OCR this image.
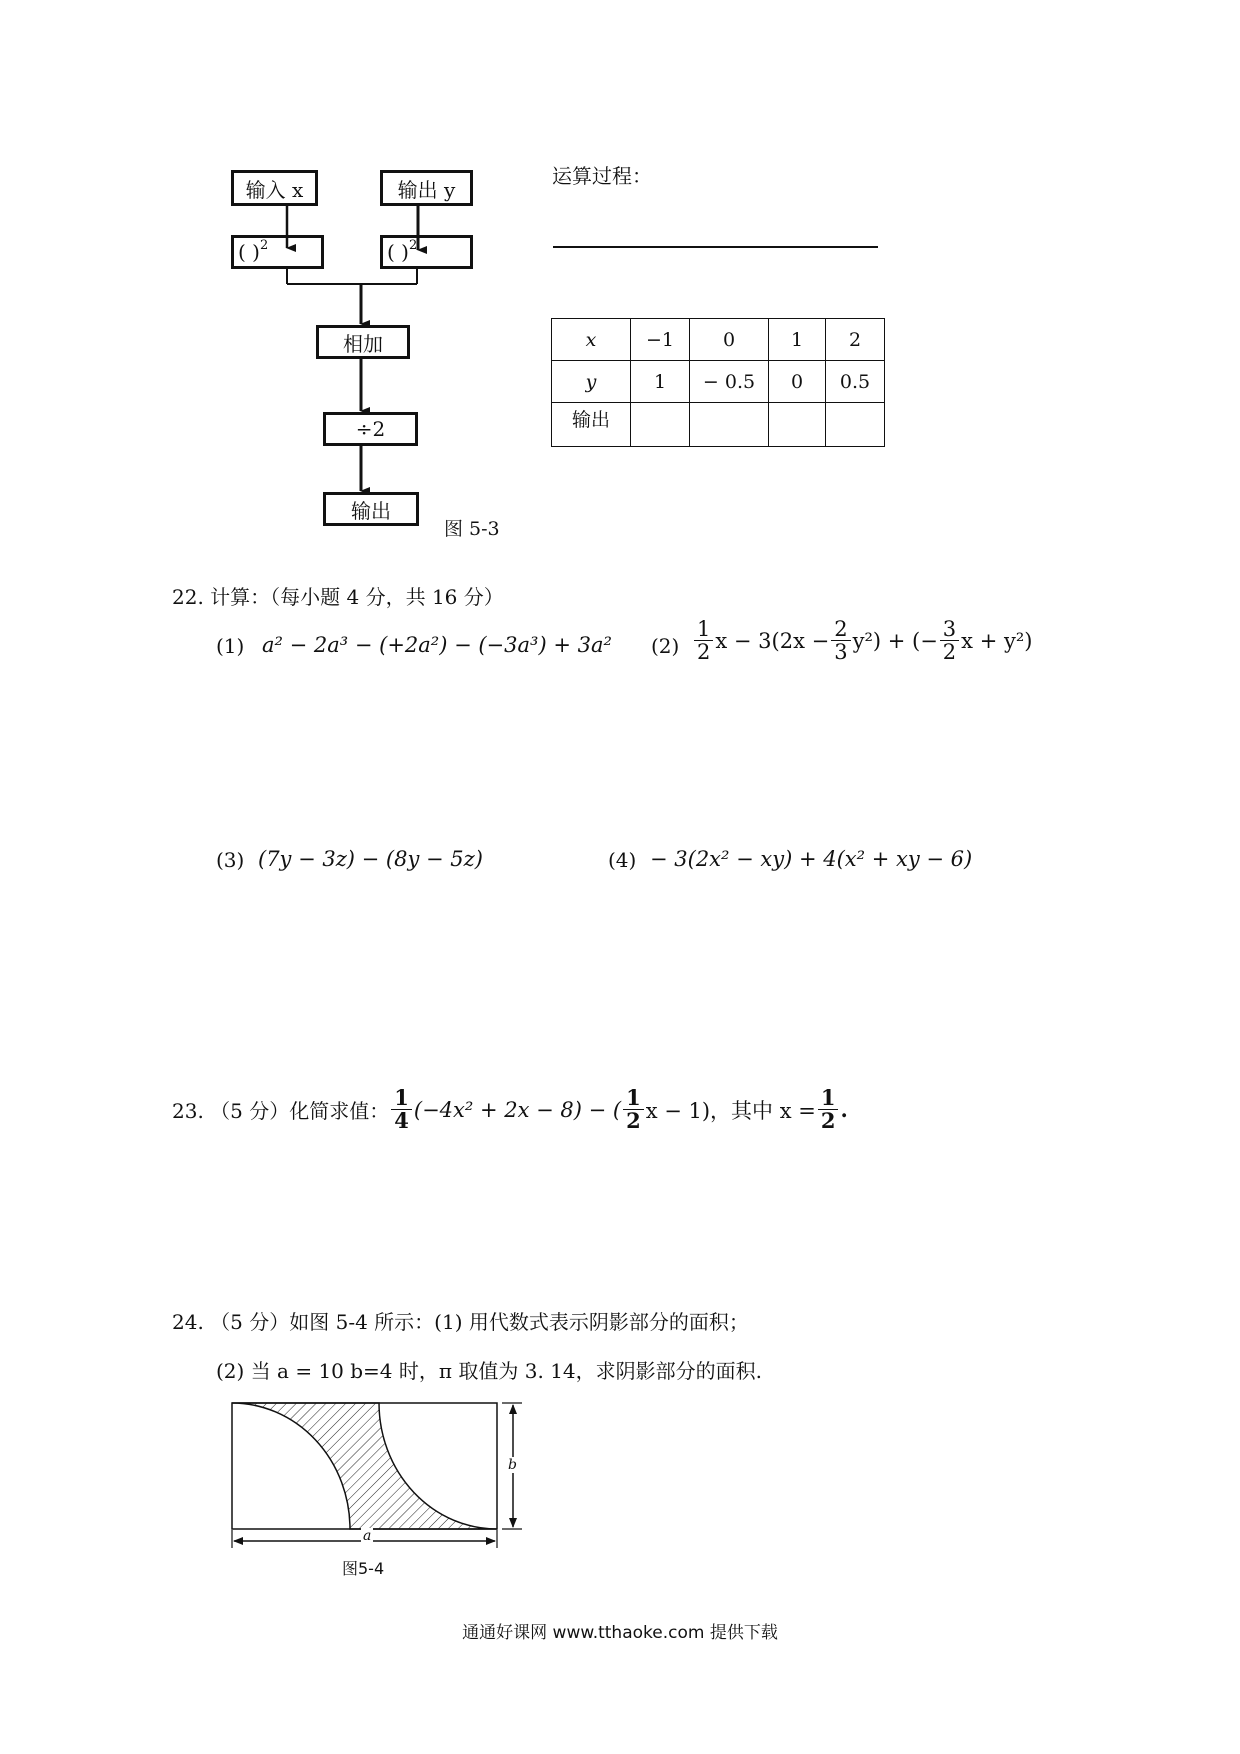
输入 x	输出 y
( )$^2$	( )$^2$
相加
÷2
输出
图 5-3
运算过程：
x	−1	0	1	2
y	1	− 0.5	0	0.5
输出				
22. 计算：（每小题 4 分，共 16 分）
(1) a² − 2a³ − (+2a²) − (−3a³) + 3a² $(2) \frac{1}{2}$ $x - 3(2x - \frac{2}{3} y^2)$ + (− $\frac{3}{2}$ x + y²)
(3) (7y − 3z) − (8y − 5z)	(4) − 3(2x² − xy) + 4(x² + xy − 6)
23. （5 分）化简求值： $\frac{1}{4} (-4x^2 + 2x - 8)$ − ( $\frac{1}{2}$ x − 1)，其中 $x = \frac{1}{2}$ .
24. （5 分）如图 5-4 所示：(1) 用代数式表示阴影部分的面积；
(2) 当 a = 10 b=4 时，π 取值为 3. 14，求阴影部分的面积.
a
b
图5-4
通通好课网 www.tthaoke.com 提供下载
